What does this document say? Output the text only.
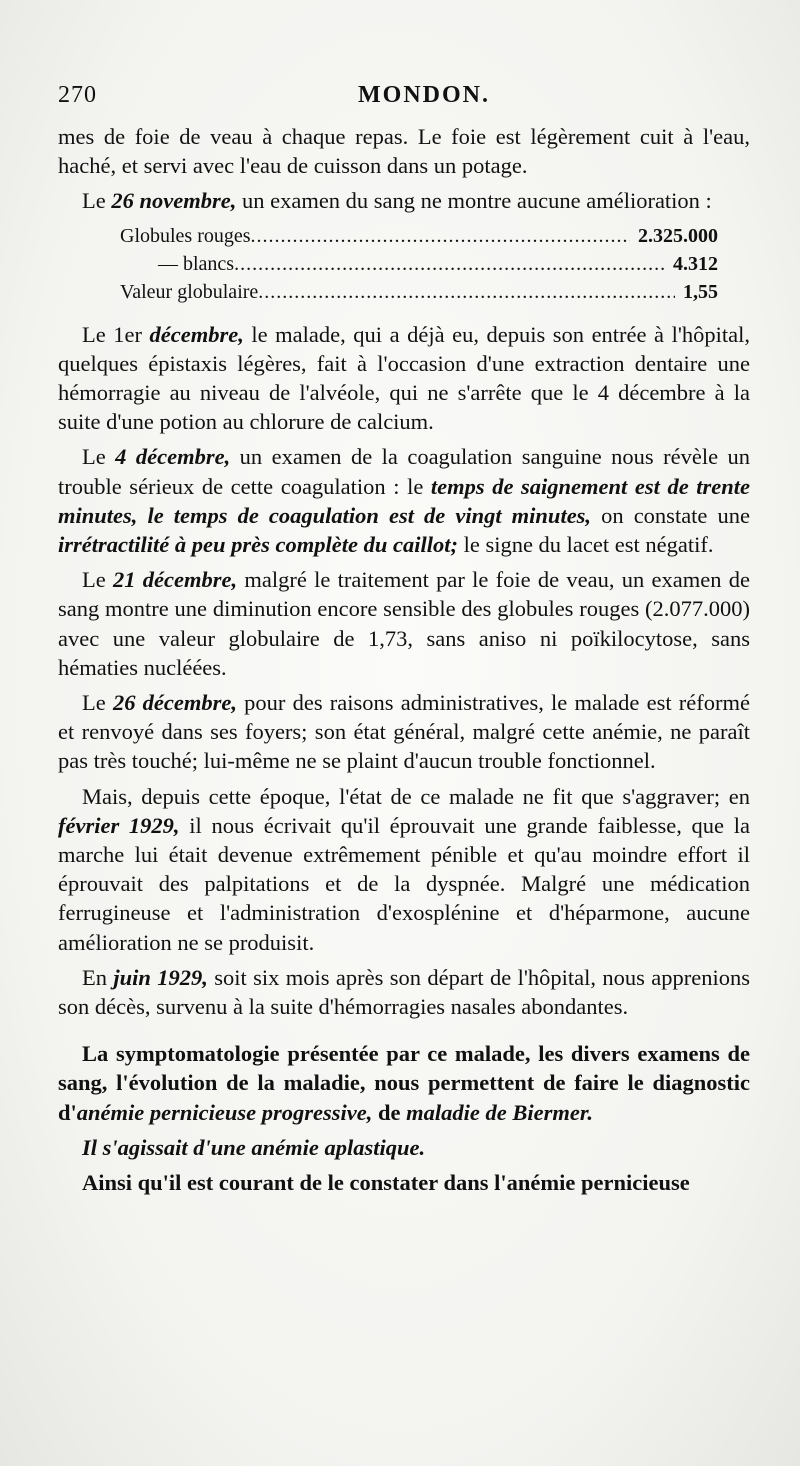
270	MONDON.

mes de foie de veau à chaque repas. Le foie est légèrement cuit à l'eau, haché, et servi avec l'eau de cuisson dans un potage.

Le 26 novembre, un examen du sang ne montre aucune amélioration :

Globules rouges .....	2.325.000
— blancs .....	4.312
Valeur globulaire .....	1,55

Le 1er décembre, le malade, qui a déjà eu, depuis son entrée à l'hôpital, quelques épistaxis légères, fait à l'occasion d'une extraction dentaire une hémorragie au niveau de l'alvéole, qui ne s'arrête que le 4 décembre à la suite d'une potion au chlorure de calcium.

Le 4 décembre, un examen de la coagulation sanguine nous révèle un trouble sérieux de cette coagulation : le temps de saignement est de trente minutes, le temps de coagulation est de vingt minutes, on constate une irrétractilité à peu près complète du caillot; le signe du lacet est négatif.

Le 21 décembre, malgré le traitement par le foie de veau, un examen de sang montre une diminution encore sensible des globules rouges (2.077.000) avec une valeur globulaire de 1,73, sans aniso ni poïkilocytose, sans hématies nucléées.

Le 26 décembre, pour des raisons administratives, le malade est réformé et renvoyé dans ses foyers; son état général, malgré cette anémie, ne paraît pas très touché; lui-même ne se plaint d'aucun trouble fonctionnel.

Mais, depuis cette époque, l'état de ce malade ne fit que s'aggraver; en février 1929, il nous écrivait qu'il éprouvait une grande faiblesse, que la marche lui était devenue extrêmement pénible et qu'au moindre effort il éprouvait des palpitations et de la dyspnée. Malgré une médication ferrugineuse et l'administration d'exosplénine et d'héparmone, aucune amélioration ne se produisit.

En juin 1929, soit six mois après son départ de l'hôpital, nous apprenions son décès, survenu à la suite d'hémorragies nasales abondantes.

La symptomatologie présentée par ce malade, les divers examens de sang, l'évolution de la maladie, nous permettent de faire le diagnostic d'anémie pernicieuse progressive, de maladie de Biermer.

Il s'agissait d'une anémie aplastique.

Ainsi qu'il est courant de le constater dans l'anémie pernicieuse
